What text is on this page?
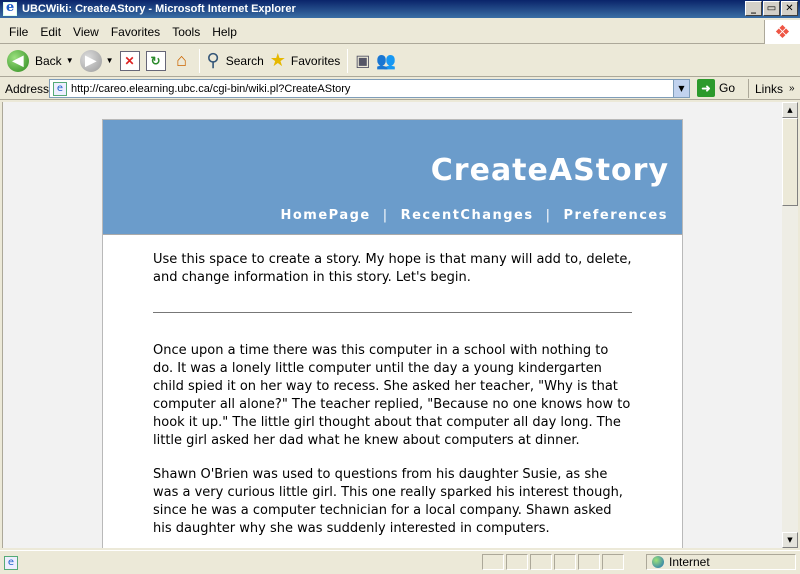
e
UBCWiki: CreateAStory - Microsoft Internet Explorer	_	▭ ✕
File Edit View Favorites Tools Help	❖
◀ Back ▼ ▶	▼ ✕	↻ ⌂ ⚲ Search ★ Favorites ▣ 👥
Address e http://careo.elearning.ubc.ca/cgi-bin/wiki.pl?CreateAStory	▼	➜ Go Links »
CreateAStory
HomePage | RecentChanges | Preferences

Use this space to create a story. My hope is that many will add to, delete, and change information in this story. Let's begin.

Once upon a time there was this computer in a school with nothing to do. It was a lonely little computer until the day a young kindergarten child spied it on her way to recess. She asked her teacher, "Why is that computer all alone?" The teacher replied, "Because no one knows how to hook it up." The little girl thought about that computer all day long. The little girl asked her dad what he knew about computers at dinner.

Shawn O'Brien was used to questions from his daughter Susie, as she was a very curious little girl. This one really sparked his interest though, since he was a computer technician for a local company. Shawn asked his daughter why she was suddenly interested in computers.

▲
▼
e	Internet
